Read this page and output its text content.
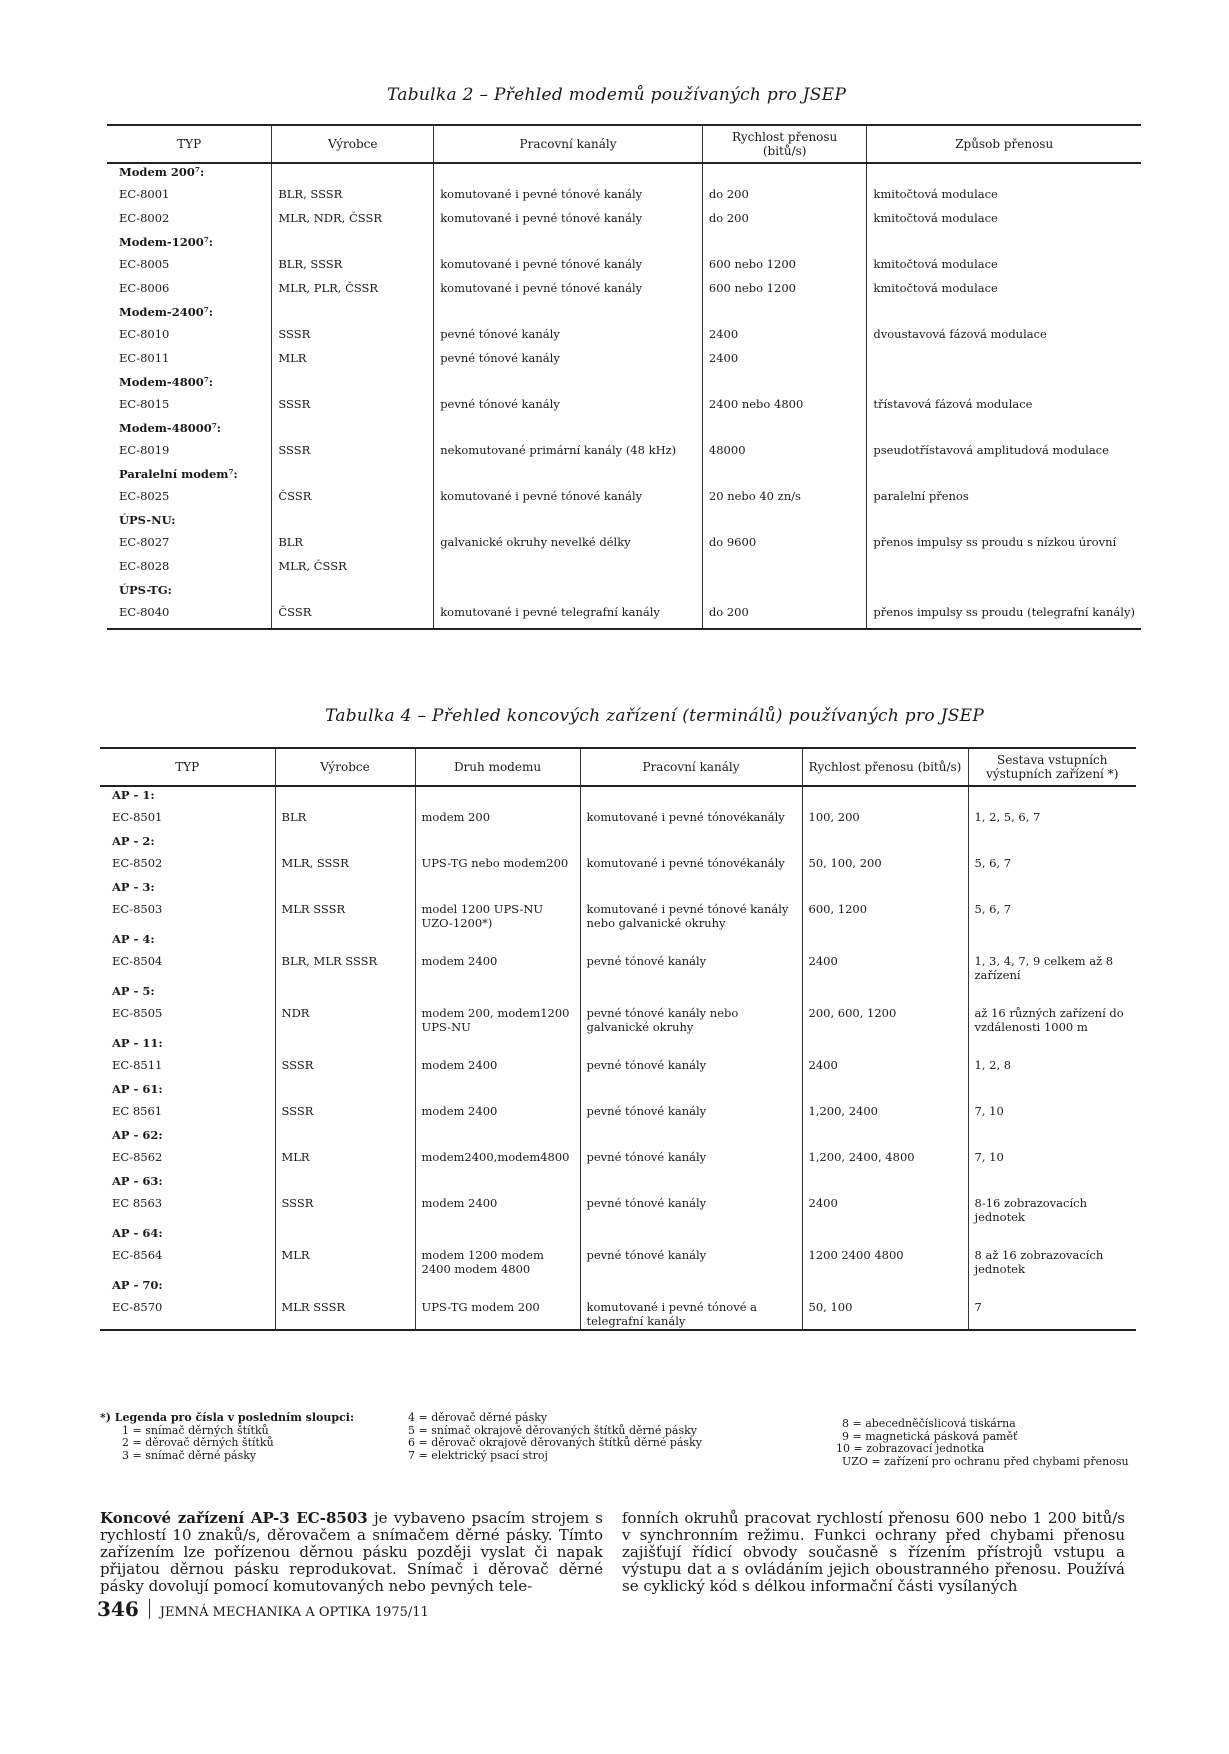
Tabulka 2 – Přehled modemů používaných pro JSEP
TYP	Výrobce	Pracovní kanály	Rychlost přenosu (bitů/s)	Způsob přenosu
Modem 200⁷:				
EC-8001	BLR, SSSR	komutované i pevné tónové kanály	do 200	kmitočtová modulace
EC-8002	MLR, NDR, ČSSR	komutované i pevné tónové kanály	do 200	kmitočtová modulace
Modem-1200⁷:				
EC-8005	BLR, SSSR	komutované i pevné tónové kanály	600 nebo 1200	kmitočtová modulace
EC-8006	MLR, PLR, ČSSR	komutované i pevné tónové kanály	600 nebo 1200	kmitočtová modulace
Modem-2400⁷:				
EC-8010	SSSR	pevné tónové kanály	2400	dvoustavová fázová modulace
EC-8011	MLR	pevné tónové kanály	2400	
Modem-4800⁷:				
EC-8015	SSSR	pevné tónové kanály	2400 nebo 4800	třístavová fázová modulace
Modem-48000⁷:				
EC-8019	SSSR	nekomutované primární kanály (48 kHz)	48000	pseudotřístavová amplitudová modulace
Paralelní modem⁷:				
EC-8025	ČSSR	komutované i pevné tónové kanály	20 nebo 40 zn/s	paralelní přenos
ÚPS-NU:				
EC-8027	BLR	galvanické okruhy nevelké délky	do 9600	přenos impulsy ss proudu s nízkou úrovní
EC-8028	MLR, ČSSR			
ÚPS-TG:				
EC-8040	ČSSR	komutované i pevné telegrafní kanály	do 200	přenos impulsy ss proudu (telegrafní kanály)
Tabulka 4 – Přehled koncových zařízení (terminálů) používaných pro JSEP
TYP	Výrobce	Druh modemu	Pracovní kanály	Rychlost přenosu (bitů/s)	Sestava vstupních výstupních zařízení *)
AP - 1:					
EC-8501	BLR	modem 200	komutované i pevné tónovékanály	100, 200	1, 2, 5, 6, 7
AP - 2:					
EC-8502	MLR, SSSR	UPS-TG nebo modem200	komutované i pevné tónovékanály	50, 100, 200	5, 6, 7
AP - 3:					
EC-8503	MLR SSSR	model 1200 UPS-NU UZO-1200*)	komutované i pevné tónové kanály nebo galvanické okruhy	600, 1200	5, 6, 7
AP - 4:					
EC-8504	BLR, MLR SSSR	modem 2400	pevné tónové kanály	2400	1, 3, 4, 7, 9 celkem až 8 zařízení
AP - 5:					
EC-8505	NDR	modem 200, modem1200 UPS-NU	pevné tónové kanály nebo galvanické okruhy	200, 600, 1200	až 16 různých zařízení do vzdálenosti 1000 m
AP - 11:					
EC-8511	SSSR	modem 2400	pevné tónové kanály	2400	1, 2, 8
AP - 61:					
EC 8561	SSSR	modem 2400	pevné tónové kanály	1,200, 2400	7, 10
AP - 62:					
EC-8562	MLR	modem2400,modem4800	pevné tónové kanály	1,200, 2400, 4800	7, 10
AP - 63:					
EC 8563	SSSR	modem 2400	pevné tónové kanály	2400	8-16 zobrazovacích jednotek
AP - 64:					
EC-8564	MLR	modem 1200 modem 2400 modem 4800	pevné tónové kanály	1200 2400 4800	8 až 16 zobrazovacích jednotek
AP - 70:					
EC-8570	MLR SSSR	UPS-TG modem 200	komutované i pevné tónové a telegrafní kanály	50, 100	7
*) Legenda pro čísla v posledním sloupci:
1 = snímač děrných štítků
2 = děrovač děrných štítků
3 = snímač děrné pásky
4 = děrovač děrné pásky
5 = snímač okrajově děrovaných štítků děrné pásky
6 = děrovač okrajově děrovaných štítků děrné pásky
7 = elektrický psací stroj
8 = abecedněčíslicová tiskárna
9 = magnetická pásková paměť
10 = zobrazovací jednotka
UZO = zařízení pro ochranu před chybami přenosu
Koncové zařízení AP-3 EC-8503 je vybaveno psacím strojem s rychlostí 10 znaků/s, děrovačem a snímačem děrné pásky. Tímto zařízením lze pořízenou děrnou pásku později vyslat či napak přijatou děrnou pásku reprodukovat. Snímač i děrovač děrné pásky dovolují pomocí komutovaných nebo pevných tele-
fonních okruhů pracovat rychlostí přenosu 600 nebo 1 200 bitů/s v synchronním režimu. Funkci ochrany před chybami přenosu zajišťují řídicí obvody současně s řízením přístrojů vstupu a výstupu dat a s ovládáním jejich oboustranného přenosu. Používá se cyklický kód s délkou informační části vysílaných
346 JEMNÁ MECHANIKA A OPTIKA 1975/11
